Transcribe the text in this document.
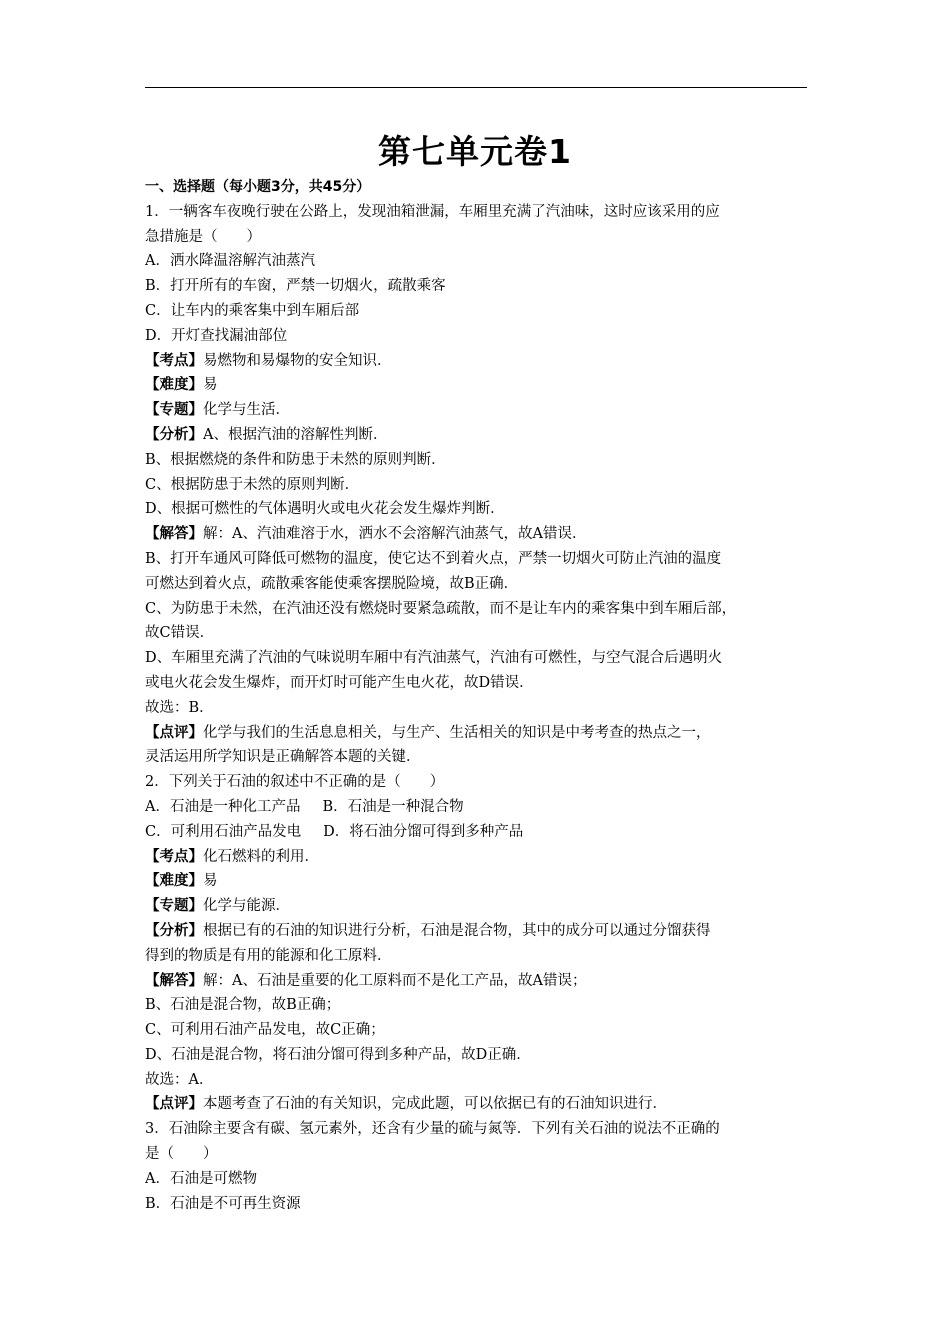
第七单元卷1
一、选择题（每小题3分，共45分）
1．一辆客车夜晚行驶在公路上，发现油箱泄漏，车厢里充满了汽油味，这时应该采用的应
急措施是（　　）
A．洒水降温溶解汽油蒸汽
B．打开所有的车窗，严禁一切烟火，疏散乘客
C．让车内的乘客集中到车厢后部
D．开灯查找漏油部位
【考点】易燃物和易爆物的安全知识．
【难度】易
【专题】化学与生活．
【分析】A、根据汽油的溶解性判断．
B、根据燃烧的条件和防患于未然的原则判断．
C、根据防患于未然的原则判断．
D、根据可燃性的气体遇明火或电火花会发生爆炸判断．
【解答】解：A、汽油难溶于水，洒水不会溶解汽油蒸气，故A错误．
B、打开车通风可降低可燃物的温度，使它达不到着火点，严禁一切烟火可防止汽油的温度
可燃达到着火点，疏散乘客能使乘客摆脱险境，故B正确．
C、为防患于未然，在汽油还没有燃烧时要紧急疏散，而不是让车内的乘客集中到车厢后部，
故C错误．
D、车厢里充满了汽油的气味说明车厢中有汽油蒸气，汽油有可燃性，与空气混合后遇明火
或电火花会发生爆炸，而开灯时可能产生电火花，故D错误．
故选：B．
【点评】化学与我们的生活息息相关，与生产、生活相关的知识是中考考查的热点之一，
灵活运用所学知识是正确解答本题的关键．
2．下列关于石油的叙述中不正确的是（　　）
A．石油是一种化工产品 B．石油是一种混合物
C．可利用石油产品发电 D．将石油分馏可得到多种产品
【考点】化石燃料的利用．
【难度】易
【专题】化学与能源．
【分析】根据已有的石油的知识进行分析，石油是混合物，其中的成分可以通过分馏获得
得到的物质是有用的能源和化工原料．
【解答】解：A、石油是重要的化工原料而不是化工产品，故A错误；
B、石油是混合物，故B正确；
C、可利用石油产品发电，故C正确；
D、石油是混合物，将石油分馏可得到多种产品，故D正确．
故选：A．
【点评】本题考查了石油的有关知识，完成此题，可以依据已有的石油知识进行．
3．石油除主要含有碳、氢元素外，还含有少量的硫与氮等．下列有关石油的说法不正确的
是（　　）
A．石油是可燃物
B．石油是不可再生资源
